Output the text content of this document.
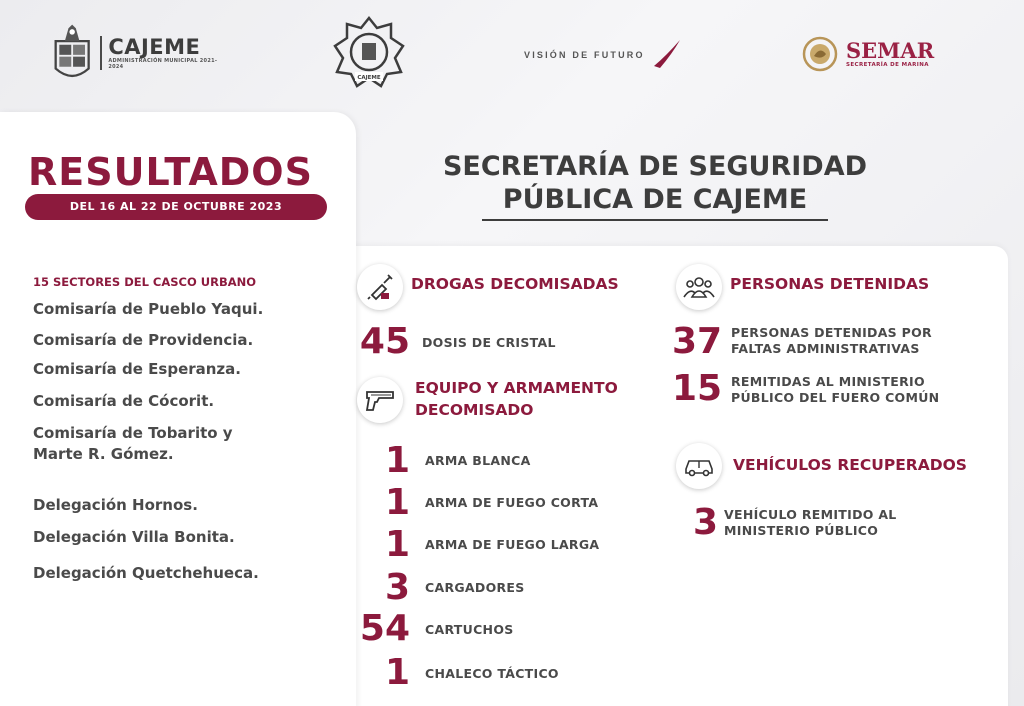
CAJEME
ADMINISTRACIÓN MUNICIPAL 2021-2024
CAJEME
VISIÓN DE FUTURO	SEMAR
SECRETARÍA DE MARINA
RESULTADOS
DEL 16 AL 22 DE OCTUBRE 2023
SECRETARÍA DE SEGURIDAD
PÚBLICA DE CAJEME
15 SECTORES DEL CASCO URBANO
Comisaría de Pueblo Yaqui.
Comisaría de Providencia.
Comisaría de Esperanza.
Comisaría de Cócorit.
Comisaría de Tobarito y
Marte R. Gómez.
Delegación Hornos.
Delegación Villa Bonita.
Delegación Quetchehueca.
DROGAS DECOMISADAS
45 DOSIS DE CRISTAL
EQUIPO Y ARMAMENTO
DECOMISADO
1 ARMA BLANCA
1 ARMA DE FUEGO CORTA
1 ARMA DE FUEGO LARGA
3 CARGADORES
54 CARTUCHOS
1 CHALECO TÁCTICO
PERSONAS DETENIDAS
37 PERSONAS DETENIDAS POR
FALTAS ADMINISTRATIVAS
15 REMITIDAS AL MINISTERIO
PÚBLICO DEL FUERO COMÚN
VEHÍCULOS RECUPERADOS
3 VEHÍCULO REMITIDO AL
MINISTERIO PÚBLICO
